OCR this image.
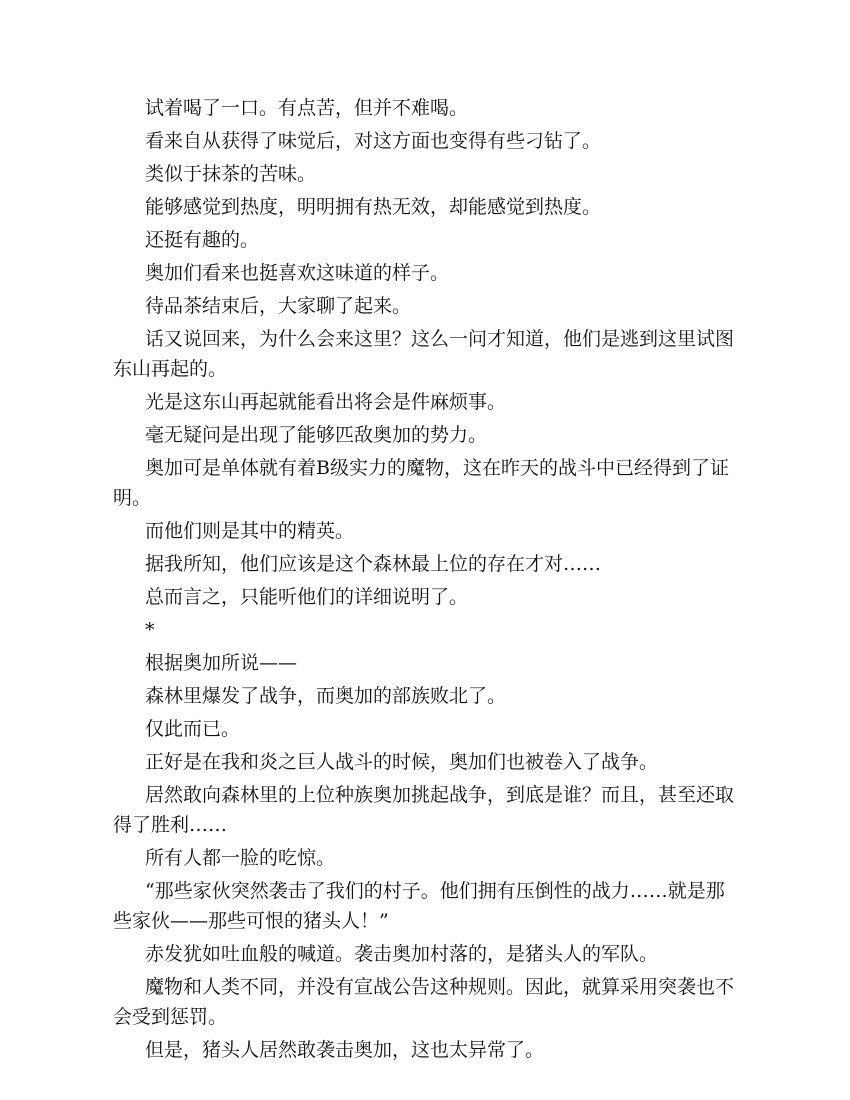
试着喝了一口。有点苦，但并不难喝。

看来自从获得了味觉后，对这方面也变得有些刁钻了。

类似于抹茶的苦味。

能够感觉到热度，明明拥有热无效，却能感觉到热度。

还挺有趣的。

奥加们看来也挺喜欢这味道的样子。

待品茶结束后，大家聊了起来。

话又说回来，为什么会来这里？这么一问才知道，他们是逃到这里试图东山再起的。

光是这东山再起就能看出将会是件麻烦事。

毫无疑问是出现了能够匹敌奥加的势力。

奥加可是单体就有着B级实力的魔物，这在昨天的战斗中已经得到了证明。

而他们则是其中的精英。

据我所知，他们应该是这个森林最上位的存在才对……

总而言之，只能听他们的详细说明了。

*

根据奥加所说——

森林里爆发了战争，而奥加的部族败北了。

仅此而已。

正好是在我和炎之巨人战斗的时候，奥加们也被卷入了战争。

居然敢向森林里的上位种族奥加挑起战争，到底是谁？而且，甚至还取得了胜利……

所有人都一脸的吃惊。

“那些家伙突然袭击了我们的村子。他们拥有压倒性的战力……就是那些家伙——那些可恨的猪头人！”

赤发犹如吐血般的喊道。袭击奥加村落的，是猪头人的军队。

魔物和人类不同，并没有宣战公告这种规则。因此，就算采用突袭也不会受到惩罚。

但是，猪头人居然敢袭击奥加，这也太异常了。
